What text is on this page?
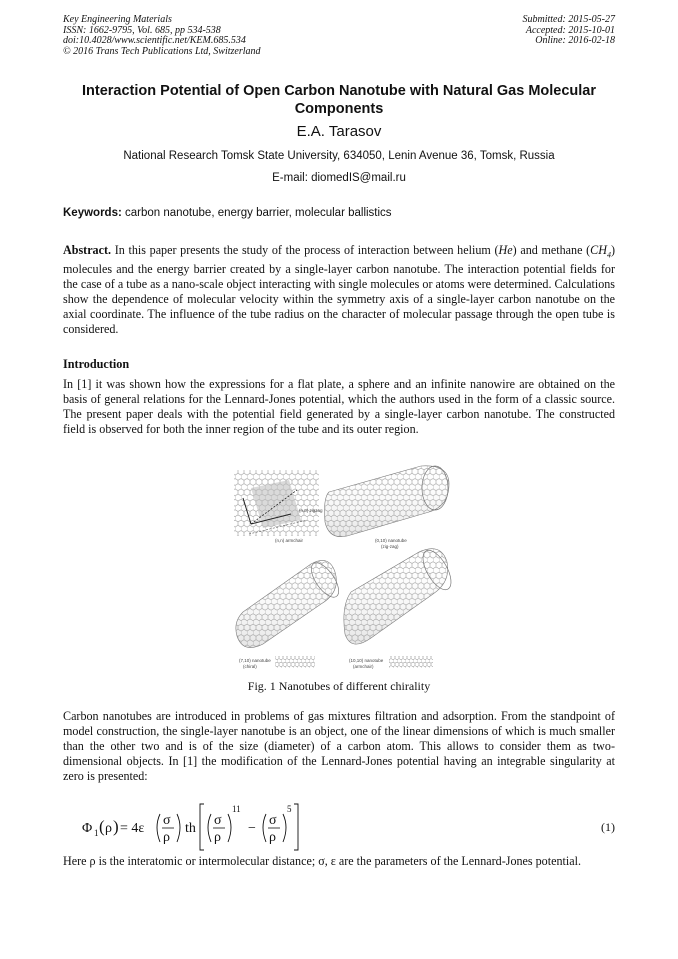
Key Engineering Materials
ISSN: 1662-9795, Vol. 685, pp 534-538
doi:10.4028/www.scientific.net/KEM.685.534
© 2016 Trans Tech Publications Ltd, Switzerland
Submitted: 2015-05-27
Accepted: 2015-10-01
Online: 2016-02-18
Interaction Potential of Open Carbon Nanotube with Natural Gas Molecular Components
E.A. Tarasov
National Research Tomsk State University, 634050, Lenin Avenue 36, Tomsk, Russia
E-mail: diomedIS@mail.ru
Keywords: carbon nanotube, energy barrier, molecular ballistics
Abstract. In this paper presents the study of the process of interaction between helium (He) and methane $(CH_4)$ molecules and the energy barrier created by a single-layer carbon nanotube. The interaction potential fields for the case of a tube as a nano-scale object interacting with single molecules or atoms were determined. Calculations show the dependence of molecular velocity within the symmetry axis of a single-layer carbon nanotube on the axial coordinate. The influence of the tube radius on the character of molecular passage through the open tube is considered.
Introduction
In [1] it was shown how the expressions for a flat plate, a sphere and an infinite nanowire are obtained on the basis of general relations for the Lennard-Jones potential, which the authors used in the form of a classic source. The present paper deals with the potential field generated by a single-layer carbon nanotube. The constructed field is observed for both the inner region of the tube and its outer region.
(n,0) zigzag
(n,n) armchair	(0,10) nanotube
(zig-zag)
(7,10) nanotube
(chiral)
(10,10) nanotube
(armchair)
Fig. 1 Nanotubes of different chirality
Carbon nanotubes are introduced in problems of gas mixtures filtration and adsorption. From the standpoint of model construction, the single-layer nanotube is an object, one of the linear dimensions of which is much smaller than the other two and is of the size (diameter) of a carbon atom. This allows to consider them as two-dimensional objects. In [1] the modification of the Lennard-Jones potential having an integrable singularity at zero is presented:
Φ 1 ( ρ ) = 4ε
σ
ρ
th
σ
ρ
11
−
σ
ρ
5
(1)
Here ρ is the interatomic or intermolecular distance; σ, ε are the parameters of the Lennard-Jones potential.
